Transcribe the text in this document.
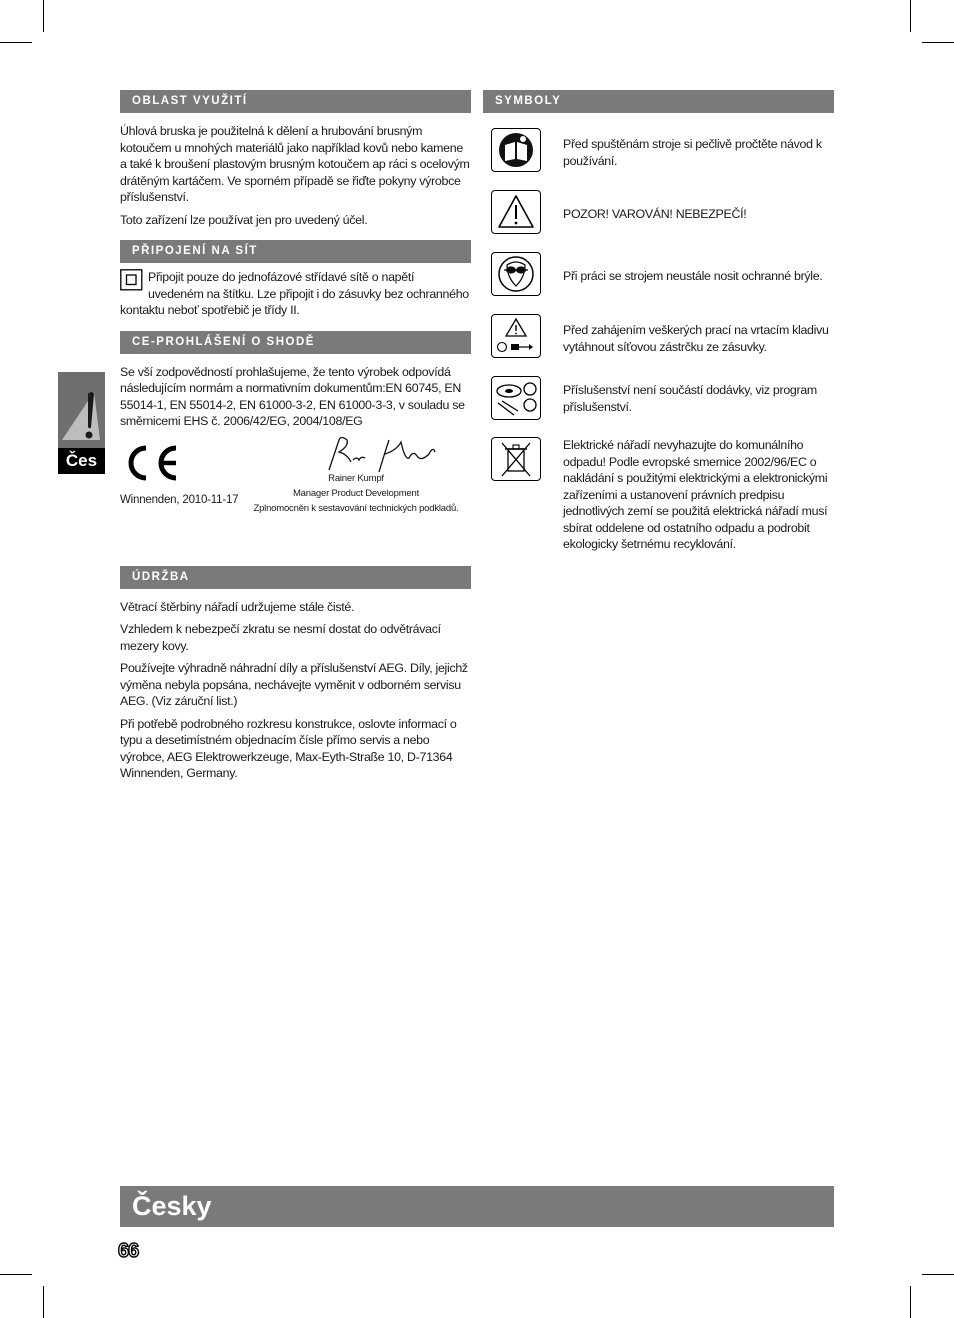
Čes
OBLAST VYUŽITÍ

Úhlová bruska je použitelná k dělení a hrubování brusným kotoučem u mnohých materiálů jako například kovů nebo kamene a také k broušení plastovým brusným kotoučem ap ráci s ocelovým drátěným kartáčem. Ve sporném případě se řiďte pokyny výrobce příslušenství.

Toto zařízení lze používat jen pro uvedený účel.

PŘIPOJENÍ NA SÍT

Připojit pouze do jednofázové střídavé sítě o napětí uvedeném na štítku. Lze připojit i do zásuvky bez ochranného kontaktu neboť spotřebič je třídy II.

CE-PROHLÁŠENÍ O SHODĚ

Se vší zodpovědností prohlašujeme, že tento výrobek odpovídá následujícím normám a normativním dokumentům:EN 60745, EN 55014-1, EN 55014-2, EN 61000-3-2, EN 61000-3-3, v souladu se směrnicemi EHS č. 2006/42/EG, 2004/108/EG

Winnenden, 2010-11-17
Rainer Kumpf
Manager Product Development
Zplnomocněn k sestavování technických podkladů.
ÚDRŽBA

Větrací štěrbiny nářadí udržujeme stále čisté.

Vzhledem k nebezpečí zkratu se nesmí dostat do odvětrávací mezery kovy.

Používejte výhradně náhradní díly a příslušenství AEG. Díly, jejichž výměna nebyla popsána, nechávejte vyměnit v odborném servisu AEG. (Viz záruční list.)

Při potřebě podrobného rozkresu konstrukce, oslovte informací o typu a desetimístném objednacím čísle přímo servis a nebo výrobce, AEG Elektrowerkzeuge, Max-Eyth-Straße 10, D-71364 Winnenden, Germany.

SYMBOLY
Před spuštěnám stroje si pečlivě pročtěte návod k používání.
POZOR! VAROVÁN! NEBEZPEČÍ!
Při práci se strojem neustále nosit ochranné brýle.
Před zahájením veškerých prací na vrtacím kladivu vytáhnout síťovou zástrčku ze zásuvky.
Příslušenství není součástí dodávky, viz program příslušenství.
Elektrické nářadí nevyhazujte do komunálního odpadu! Podle evropské smernice 2002/96/EC o nakládání s použitými elektrickými a elektronickými zařízeními a ustanovení právních predpisu jednotlivých zemí se použitá elektrická nářadí musí sbírat oddelene od ostatního odpadu a podrobit ekologicky šetrnému recyklování.
Česky
66
